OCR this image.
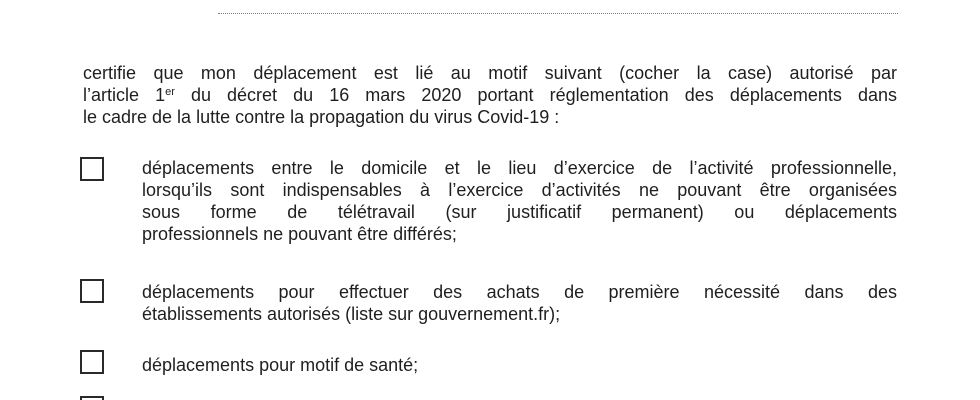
certifie que mon déplacement est lié au motif suivant (cocher la case) autorisé par
l’article 1er du décret du 16 mars 2020 portant réglementation des déplacements dans
le cadre de la lutte contre la propagation du virus Covid-19 :
déplacements entre le domicile et le lieu d’exercice de l’activité professionnelle,
lorsqu’ils sont indispensables à l’exercice d’activités ne pouvant être organisées
sous forme de télétravail (sur justificatif permanent) ou déplacements
professionnels ne pouvant être différés;
déplacements pour effectuer des achats de première nécessité dans des
établissements autorisés (liste sur gouvernement.fr);
déplacements pour motif de santé;
